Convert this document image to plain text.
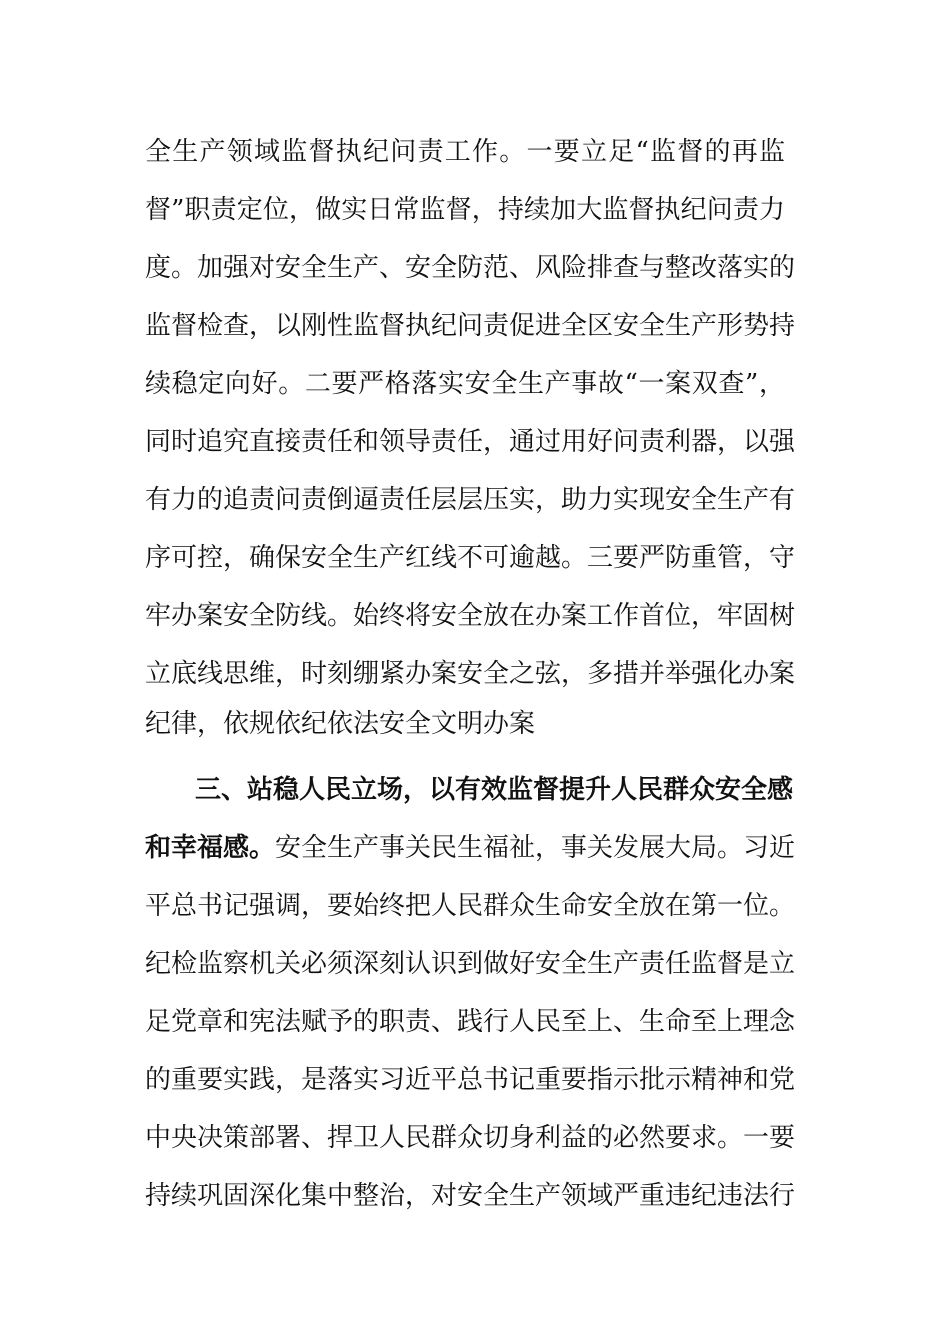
全生产领域监督执纪问责工作。一要立足“监督的再监

督”职责定位，做实日常监督，持续加大监督执纪问责力

度。加强对安全生产、安全防范、风险排查与整改落实的

监督检查，以刚性监督执纪问责促进全区安全生产形势持

续稳定向好。二要严格落实安全生产事故“一案双查”，

同时追究直接责任和领导责任，通过用好问责利器，以强

有力的追责问责倒逼责任层层压实，助力实现安全生产有

序可控，确保安全生产红线不可逾越。三要严防重管，守

牢办案安全防线。始终将安全放在办案工作首位，牢固树

立底线思维，时刻绷紧办案安全之弦，多措并举强化办案

纪律，依规依纪依法安全文明办案

三、站稳人民立场，以有效监督提升人民群众安全感

和幸福感。安全生产事关民生福祉，事关发展大局。习近

平总书记强调，要始终把人民群众生命安全放在第一位。

纪检监察机关必须深刻认识到做好安全生产责任监督是立

足党章和宪法赋予的职责、践行人民至上、生命至上理念

的重要实践，是落实习近平总书记重要指示批示精神和党

中央决策部署、捍卫人民群众切身利益的必然要求。一要

持续巩固深化集中整治，对安全生产领域严重违纪违法行
